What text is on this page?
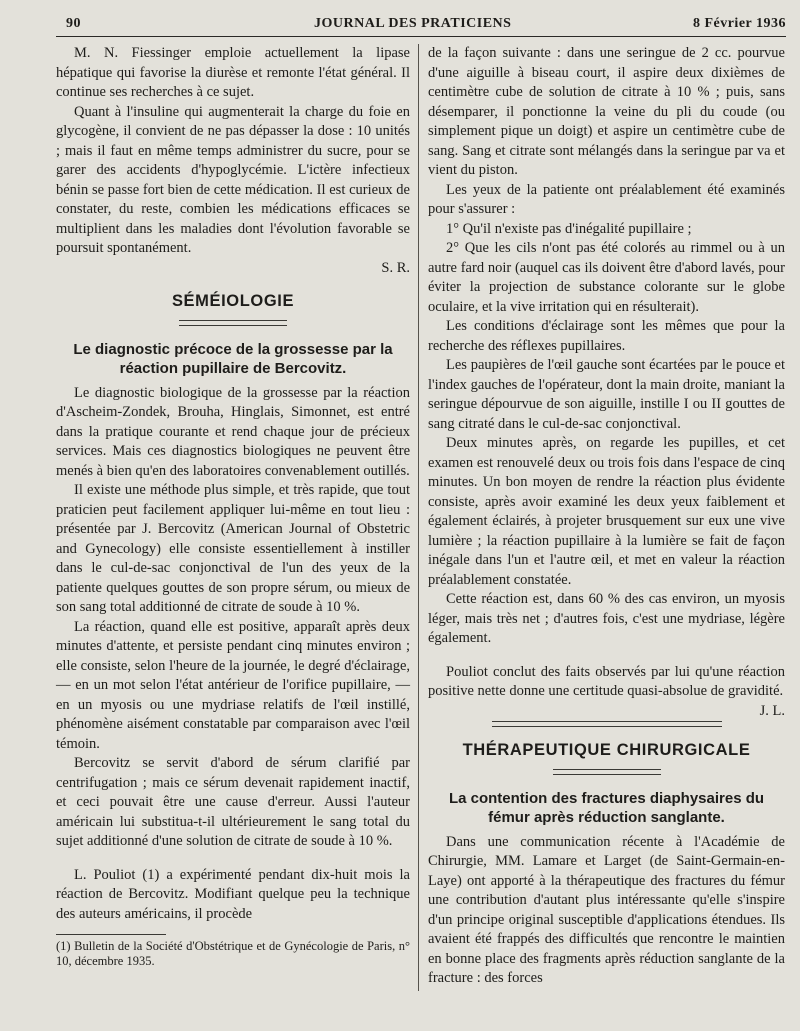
90	JOURNAL DES PRATICIENS	8 Février 1936

M. N. Fiessinger emploie actuellement la lipase hépatique qui favorise la diurèse et remonte l'état général. Il continue ses recherches à ce sujet.

Quant à l'insuline qui augmenterait la charge du foie en glycogène, il convient de ne pas dépasser la dose : 10 unités ; mais il faut en même temps administrer du sucre, pour se garer des accidents d'hypoglycémie. L'ictère infectieux bénin se passe fort bien de cette médication. Il est curieux de constater, du reste, combien les médications efficaces se multiplient dans les maladies dont l'évolution favorable se poursuit spontanément.

S. R.

SÉMÉIOLOGIE
Le diagnostic précoce de la grossesse par la réaction pupillaire de Bercovitz.

Le diagnostic biologique de la grossesse par la réaction d'Ascheim-Zondek, Brouha, Hinglais, Simonnet, est entré dans la pratique courante et rend chaque jour de précieux services. Mais ces diagnostics biologiques ne peuvent être menés à bien qu'en des laboratoires convenablement outillés.

Il existe une méthode plus simple, et très rapide, que tout praticien peut facilement appliquer lui-même en tout lieu : présentée par J. Bercovitz (American Journal of Obstetric and Gynecology) elle consiste essentiellement à instiller dans le cul-de-sac conjonctival de l'un des yeux de la patiente quelques gouttes de son propre sérum, ou mieux de son sang total additionné de citrate de soude à 10 %.

La réaction, quand elle est positive, apparaît après deux minutes d'attente, et persiste pendant cinq minutes environ ; elle consiste, selon l'heure de la journée, le degré d'éclairage, — en un mot selon l'état antérieur de l'orifice pupillaire, — en un myosis ou une mydriase relatifs de l'œil instillé, phénomène aisément constatable par comparaison avec l'œil témoin.

Bercovitz se servit d'abord de sérum clarifié par centrifugation ; mais ce sérum devenait rapidement inactif, et ceci pouvait être une cause d'erreur. Aussi l'auteur américain lui substitua-t-il ultérieurement le sang total du sujet additionné d'une solution de citrate de soude à 10 %.

L. Pouliot (1) a expérimenté pendant dix-huit mois la réaction de Bercovitz. Modifiant quelque peu la technique des auteurs américains, il procède

(1) Bulletin de la Société d'Obstétrique et de Gynécologie de Paris, n° 10, décembre 1935.

de la façon suivante : dans une seringue de 2 cc. pourvue d'une aiguille à biseau court, il aspire deux dixièmes de centimètre cube de solution de citrate à 10 % ; puis, sans désemparer, il ponctionne la veine du pli du coude (ou simplement pique un doigt) et aspire un centimètre cube de sang. Sang et citrate sont mélangés dans la seringue par va et vient du piston.

Les yeux de la patiente ont préalablement été examinés pour s'assurer :

1° Qu'il n'existe pas d'inégalité pupillaire ;

2° Que les cils n'ont pas été colorés au rimmel ou à un autre fard noir (auquel cas ils doivent être d'abord lavés, pour éviter la projection de substance colorante sur le globe oculaire, et la vive irritation qui en résulterait).

Les conditions d'éclairage sont les mêmes que pour la recherche des réflexes pupillaires.

Les paupières de l'œil gauche sont écartées par le pouce et l'index gauches de l'opérateur, dont la main droite, maniant la seringue dépourvue de son aiguille, instille I ou II gouttes de sang citraté dans le cul-de-sac conjonctival.

Deux minutes après, on regarde les pupilles, et cet examen est renouvelé deux ou trois fois dans l'espace de cinq minutes. Un bon moyen de rendre la réaction plus évidente consiste, après avoir examiné les deux yeux faiblement et également éclairés, à projeter brusquement sur eux une vive lumière ; la réaction pupillaire à la lumière se fait de façon inégale dans l'un et l'autre œil, et met en valeur la réaction préalablement constatée.

Cette réaction est, dans 60 % des cas environ, un myosis léger, mais très net ; d'autres fois, c'est une mydriase, légère également.

Pouliot conclut des faits observés par lui qu'une réaction positive nette donne une certitude quasi-absolue de gravidité.

J. L.

THÉRAPEUTIQUE CHIRURGICALE
La contention des fractures diaphysaires du fémur après réduction sanglante.

Dans une communication récente à l'Académie de Chirurgie, MM. Lamare et Larget (de Saint-Germain-en-Laye) ont apporté à la thérapeutique des fractures du fémur une contribution d'autant plus intéressante qu'elle s'inspire d'un principe original susceptible d'applications étendues. Ils avaient été frappés des difficultés que rencontre le maintien en bonne place des fragments après réduction sanglante de la fracture : des forces
